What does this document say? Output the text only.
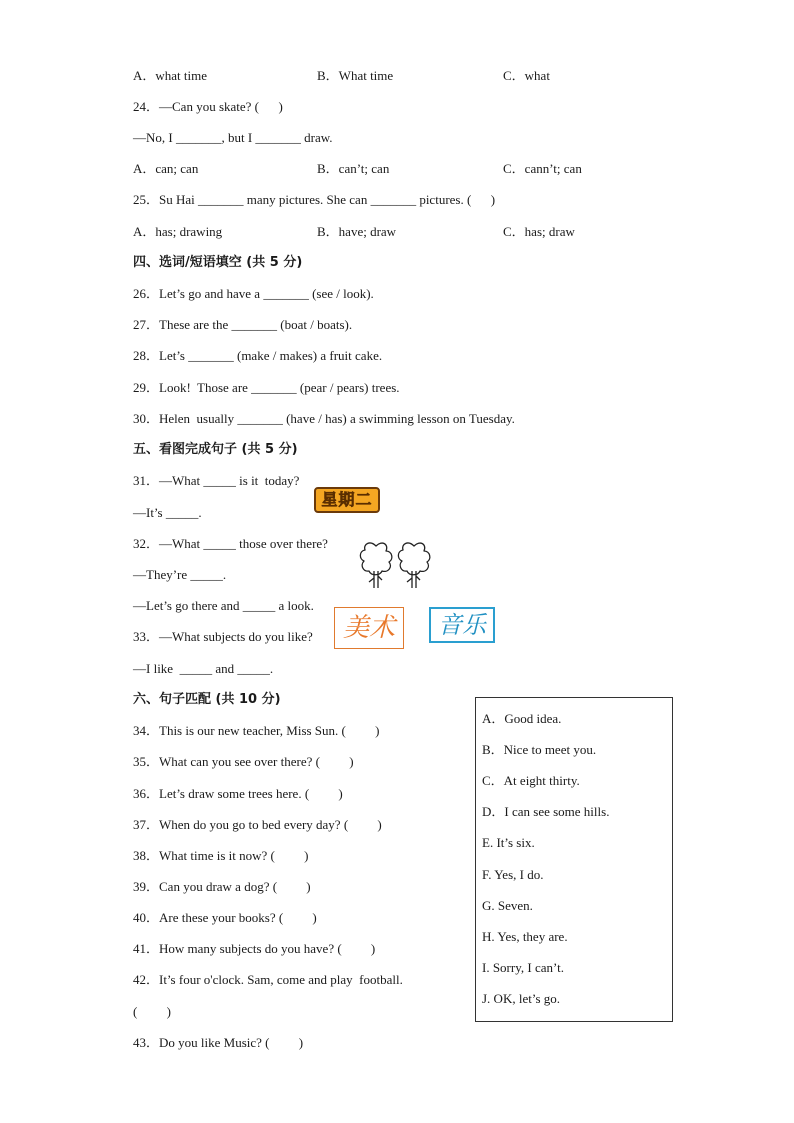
A．what time	B．What time	C．what
24．—Can you skate? (      )
—No, I _______, but I _______ draw.
A．can; can	B．can’t; can	C．cann’t; can
25．Su Hai _______ many pictures. She can _______ pictures. (      )
A．has; drawing	B．have; draw	C．has; draw
四、选词/短语填空 (共 5 分)
26．Let’s go and have a _______ (see / look).
27．These are the _______ (boat / boats).
28．Let’s _______ (make / makes) a fruit cake.
29．Look!  Those are _______ (pear / pears) trees.
30．Helen  usually _______ (have / has) a swimming lesson on Tuesday.
五、看图完成句子 (共 5 分)
31．—What _____ is it  today?
—It’s _____.
32．—What _____ those over there?
—They’re _____.
—Let’s go there and _____ a look.
33．—What subjects do you like?
—I like  _____ and _____.
星期二
美术	音乐
六、句子匹配 (共 10 分)
34．This is our new teacher, Miss Sun. (         )
35．What can you see over there? (         )
36．Let’s draw some trees here. (         )
37．When do you go to bed every day? (         )
38．What time is it now? (         )
39．Can you draw a dog? (         )
40．Are these your books? (         )
41．How many subjects do you have? (         )
42．It’s four o'clock. Sam, come and play  football.
(         )
43．Do you like Music? (         )
A．Good idea.
B．Nice to meet you.
C．At eight thirty.
D．I can see some hills.
E. It’s six.
F. Yes, I do.
G. Seven.
H. Yes, they are.
I. Sorry, I can’t.
J. OK, let’s go.
